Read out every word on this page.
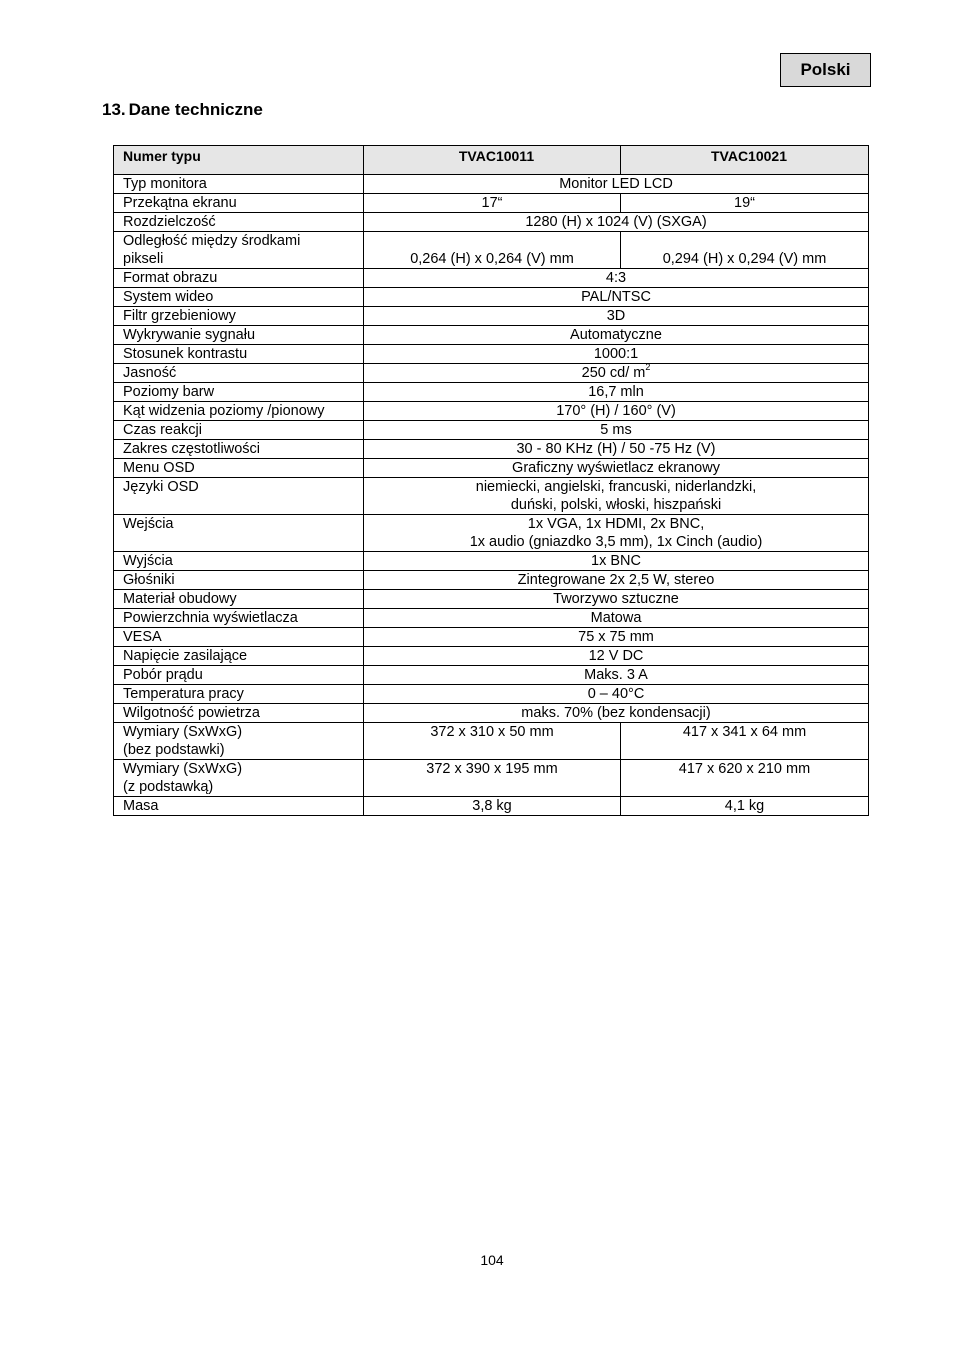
Polski
13. Dane techniczne
Numer typu	TVAC10011	TVAC10021
Typ monitora	Monitor LED LCD	
Przekątna ekranu	17“	19“
Rozdzielczość	1280 (H) x 1024 (V) (SXGA)	

Odległość między środkami
pikseli	0,264 (H) x 0,264 (V) mm	0,294 (H) x 0,294 (V) mm
Format obrazu	4:3	
System wideo	PAL/NTSC	
Filtr grzebieniowy	3D	
Wykrywanie sygnału	Automatyczne	
Stosunek kontrastu	1000:1	
Jasność	250 cd/ $m^2$
Poziomy barw	16,7 mln	
Kąt widzenia poziomy /pionowy	170° (H) / 160° (V)	
Czas reakcji	5 ms	
Zakres częstotliwości	30 - 80 KHz (H) / 50 -75 Hz (V)	
Menu OSD	Graficzny wyświetlacz ekranowy	
Języki OSD	niemiecki, angielski, francuski, niderlandzki,
duński, polski, włoski, hiszpański	

Wejścia	1x VGA, 1x HDMI, 2x BNC,
1x audio (gniazdko 3,5 mm), 1x Cinch (audio)	

Wyjścia	1x BNC	
Głośniki	Zintegrowane 2x 2,5 W, stereo	
Materiał obudowy	Tworzywo sztuczne	
Powierzchnia wyświetlacza	Matowa	
VESA	75 x 75 mm	
Napięcie zasilające	12 V DC	
Pobór prądu	Maks. 3 A	
Temperatura pracy	0 – 40°C	
Wilgotność powietrza	maks. 70% (bez kondensacji)	

Wymiary (SxWxG)
(bez podstawki)	372 x 310 x 50 mm	417 x 341 x 64 mm

Wymiary (SxWxG)
(z podstawką)	372 x 390 x 195 mm	417 x 620 x 210 mm
Masa	3,8 kg	4,1 kg
104
